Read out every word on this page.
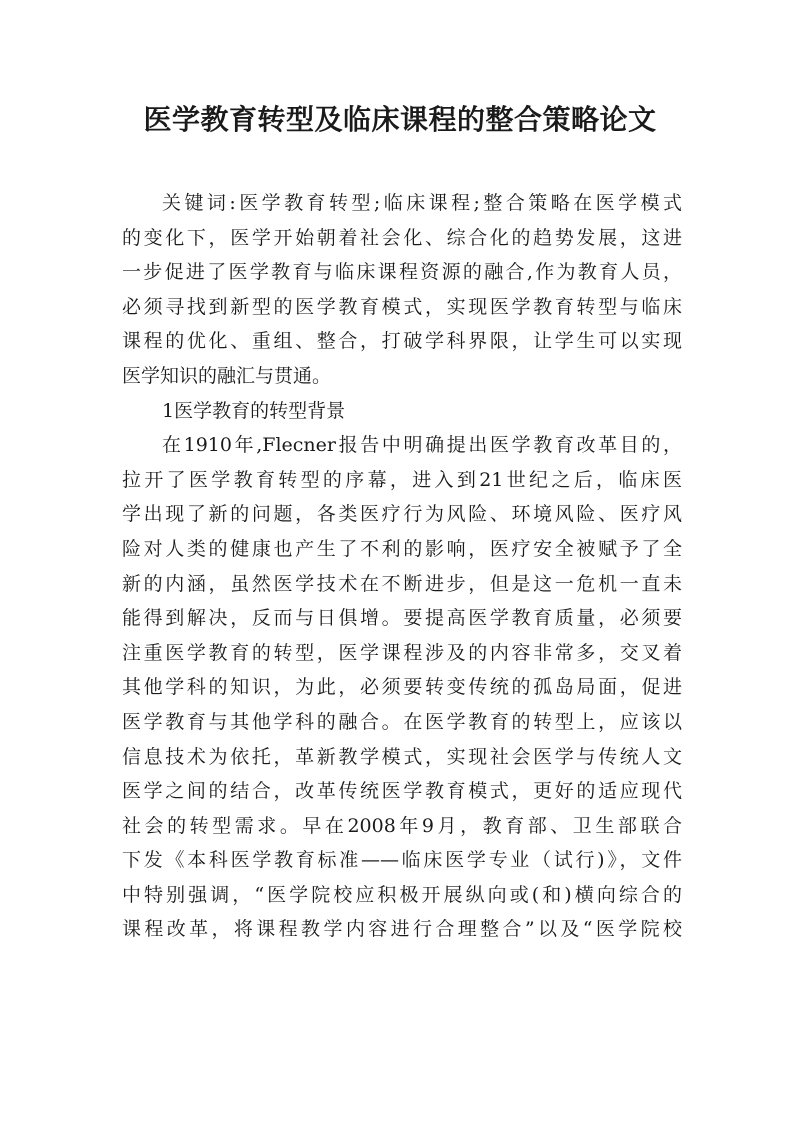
医学教育转型及临床课程的整合策略论文
关键词:医学教育转型;临床课程;整合策略在医学模式
的变化下，医学开始朝着社会化、综合化的趋势发展，这进
一步促进了医学教育与临床课程资源的融合,作为教育人员，
必须寻找到新型的医学教育模式，实现医学教育转型与临床
课程的优化、重组、整合，打破学科界限，让学生可以实现
医学知识的融汇与贯通。
1医学教育的转型背景
在1910年,Flecner报告中明确提出医学教育改革目的，
拉开了医学教育转型的序幕，进入到21世纪之后，临床医
学出现了新的问题，各类医疗行为风险、环境风险、医疗风
险对人类的健康也产生了不利的影响，医疗安全被赋予了全
新的内涵，虽然医学技术在不断进步，但是这一危机一直未
能得到解决，反而与日俱增。要提高医学教育质量，必须要
注重医学教育的转型，医学课程涉及的内容非常多，交叉着
其他学科的知识，为此，必须要转变传统的孤岛局面，促进
医学教育与其他学科的融合。在医学教育的转型上，应该以
信息技术为依托，革新教学模式，实现社会医学与传统人文
医学之间的结合，改革传统医学教育模式，更好的适应现代
社会的转型需求。早在2008年9月，教育部、卫生部联合
下发《本科医学教育标准——临床医学专业（试行)》，文件
中特别强调，“医学院校应积极开展纵向或(和)横向综合的
课程改革，将课程教学内容进行合理整合”以及“医学院校
